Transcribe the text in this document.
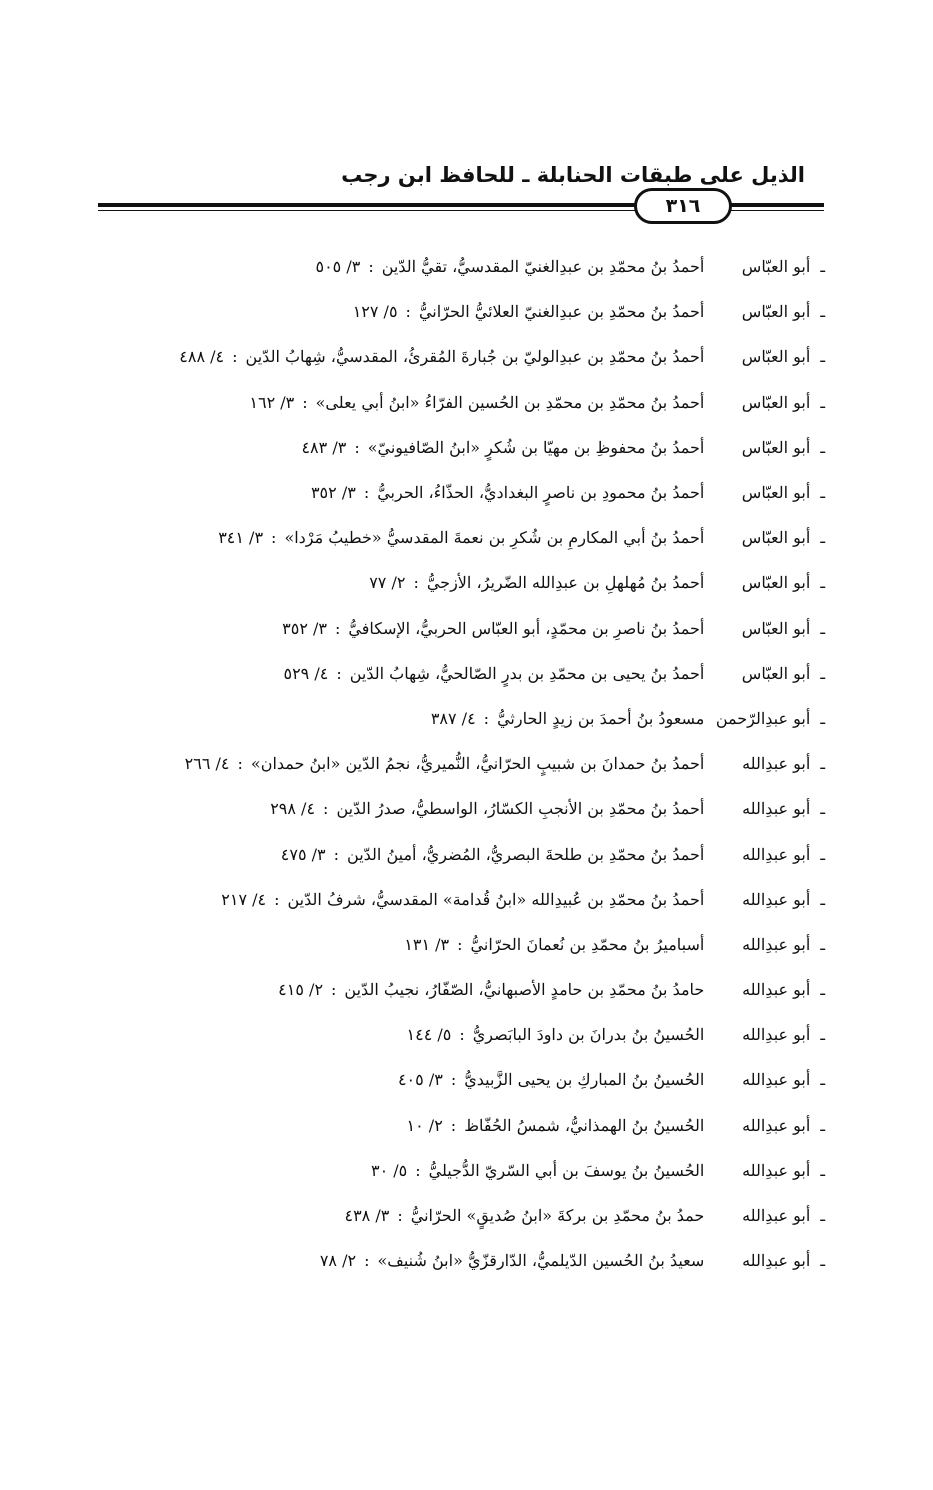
الذيل على طبقات الحنابلة ـ للحافظ ابن رجب
٣١٦
ـ
أبو العبّاس
أحمدُ بنُ محمّدِ بن عبدِالغنيّ المقدسيُّ، تقيُّ الدّين
:
٣/ ٥٠٥
ـ
أبو العبّاس
أحمدُ بنُ محمّدِ بن عبدِالغنيّ العلائيُّ الحرّانيُّ
:
٥/ ١٢٧
ـ
أبو العبّاس
أحمدُ بنُ محمّدِ بن عبدِالوليّ بن جُبارةَ المُقرئُ، المقدسيُّ، شِهابُ الدّين
:
٤/ ٤٨٨
ـ
أبو العبّاس
أحمدُ بنُ محمّدِ بن محمّدِ بن الحُسين الفرّاءُ «ابنُ أبي يعلى»
:
٣/ ١٦٢
ـ
أبو العبّاس
أحمدُ بنُ محفوظِ بن مهيّا بن شُكرٍ «ابنُ الصّافيونيّ»
:
٣/ ٤٨٣
ـ
أبو العبّاس
أحمدُ بنُ محمودِ بن ناصرٍ البغداديُّ، الحذّاءُ، الحربيُّ
:
٣/ ٣٥٢
ـ
أبو العبّاس
أحمدُ بنُ أبي المكارمِ بن شُكرِ بن نعمةَ المقدسيُّ «خطيبُ مَرْدا»
:
٣/ ٣٤١
ـ
أبو العبّاس
أحمدُ بنُ مُهلهلِ بن عبدِالله الضّريرُ، الأزجيُّ
:
٢/ ٧٧
ـ
أبو العبّاس
أحمدُ بنُ ناصرِ بن محمّدٍ، أبو العبّاس الحربيُّ، الإسكافيُّ
:
٣/ ٣٥٢
ـ
أبو العبّاس
أحمدُ بنُ يحيى بن محمّدِ بن بدرٍ الصّالحيُّ، شِهابُ الدّين
:
٤/ ٥٢٩
ـ
أبو عبدِالرّحمن
مسعودُ بنُ أحمدَ بن زيدٍ الحارثيُّ
:
٤/ ٣٨٧
ـ
أبو عبدِالله
أحمدُ بنُ حمدانَ بن شبيبٍ الحرّانيُّ، النُّميريُّ، نجمُ الدّين «ابنُ حمدان»
:
٤/ ٢٦٦
ـ
أبو عبدِالله
أحمدُ بنُ محمّدِ بن الأنجبِ الكسّارُ، الواسطيُّ، صدرُ الدّين
:
٤/ ٢٩٨
ـ
أبو عبدِالله
أحمدُ بنُ محمّدِ بن طلحةَ البصريُّ، المُضريُّ، أمينُ الدّين
:
٣/ ٤٧٥
ـ
أبو عبدِالله
أحمدُ بنُ محمّدِ بن عُبيدِالله «ابنُ قُدامة» المقدسيُّ، شرفُ الدّين
:
٤/ ٢١٧
ـ
أبو عبدِالله
أسباميرُ بنُ محمّدِ بن نُعمانَ الحرّانيُّ
:
٣/ ١٣١
ـ
أبو عبدِالله
حامدُ بنُ محمّدِ بن حامدٍ الأصبهانيُّ، الصّفّارُ، نجيبُ الدّين
:
٢/ ٤١٥
ـ
أبو عبدِالله
الحُسينُ بنُ بدرانَ بن داودَ البابَصريُّ
:
٥/ ١٤٤
ـ
أبو عبدِالله
الحُسينُ بنُ المباركِ بن يحيى الزَّبيديُّ
:
٣/ ٤٠٥
ـ
أبو عبدِالله
الحُسينُ بنُ الهمذانيُّ، شمسُ الحُفّاظ
:
٢/ ١٠
ـ
أبو عبدِالله
الحُسينُ بنُ يوسفَ بن أبي السّريّ الدُّجيليُّ
:
٥/ ٣٠
ـ
أبو عبدِالله
حمدُ بنُ محمّدِ بن بركةَ «ابنُ صُديقٍ» الحرّانيُّ
:
٣/ ٤٣٨
ـ
أبو عبدِالله
سعيدُ بنُ الحُسين الدّيلميُّ، الدّارقزّيُّ «ابنُ شُنيف»
:
٢/ ٧٨
